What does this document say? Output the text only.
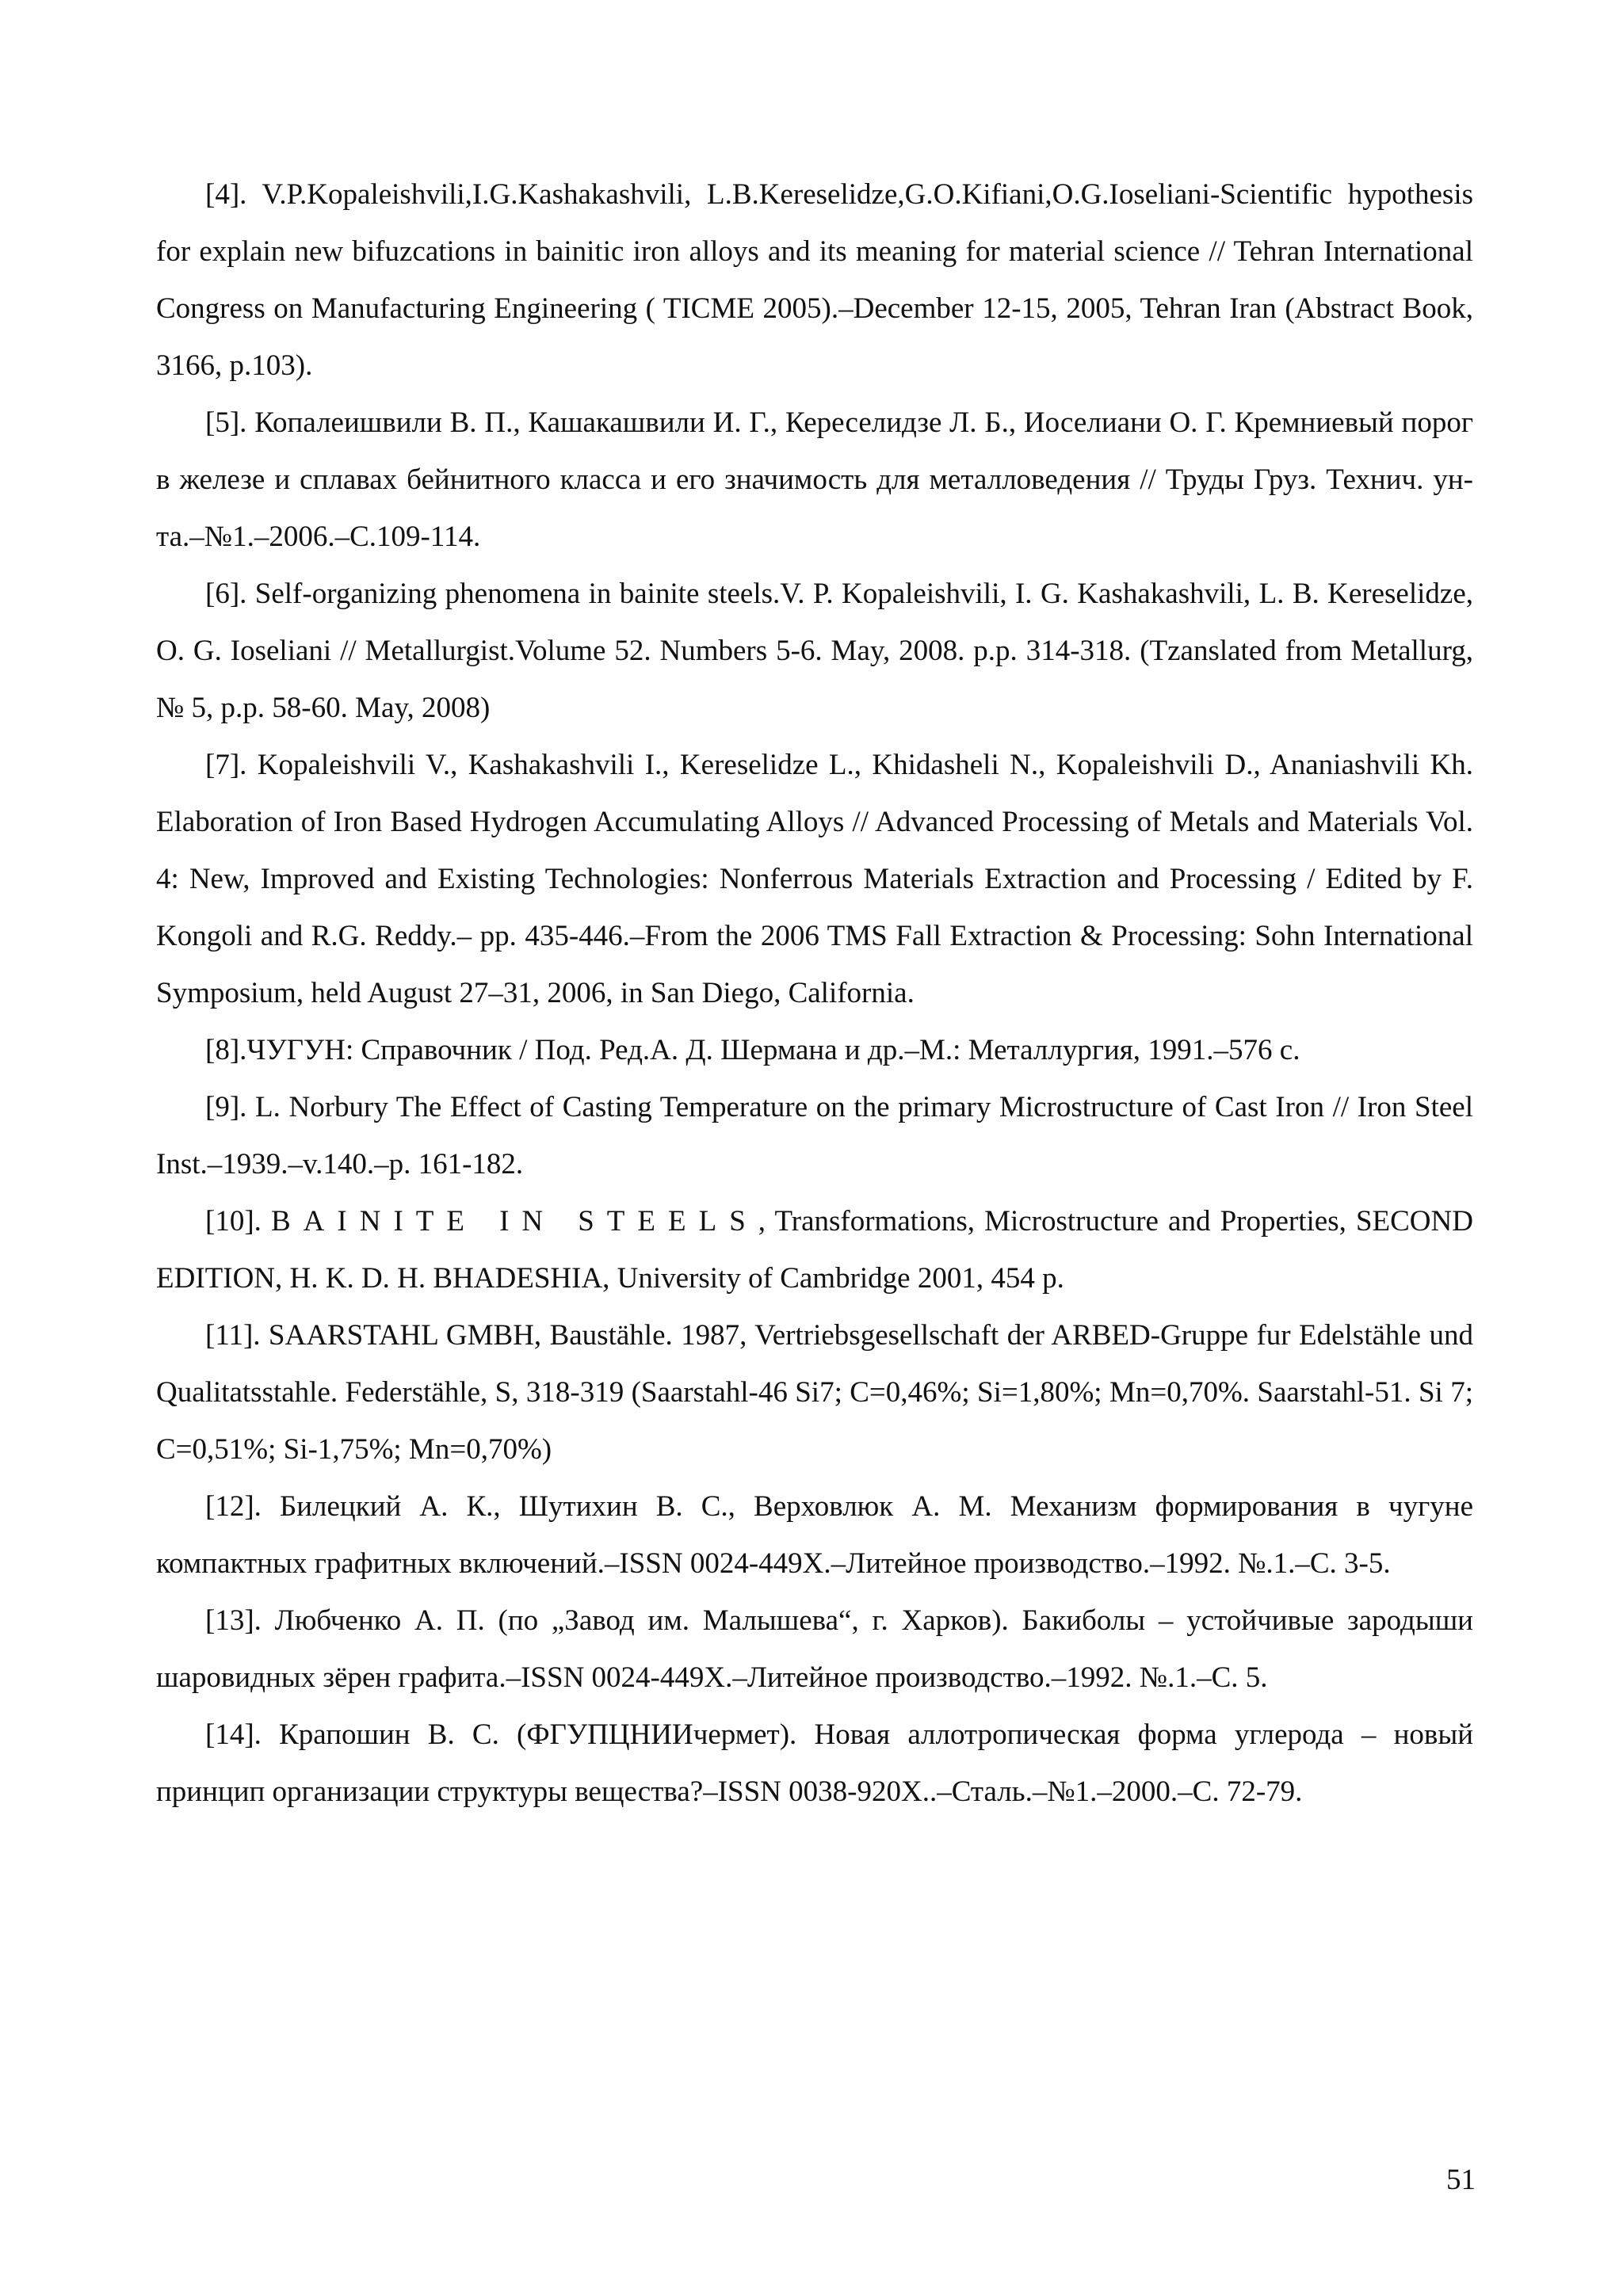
[4]. V.P.Kopaleishvili,I.G.Kashakashvili, L.B.Kereselidze,G.O.Kifiani,O.G.Ioseliani-Scientific hypothesis for explain new bifuzcations in bainitic iron alloys and its meaning for material science // Tehran International Congress on Manufacturing Engineering ( TICME 2005).–December 12-15, 2005, Tehran Iran (Abstract Book, 3166, p.103).

[5]. Копалеишвили В. П., Кашакашвили И. Г., Кереселидзе Л. Б., Иоселиани О. Г. Кремниевый порог в железе и сплавах бейнитного класса и его значимость для металловедения // Труды Груз. Технич. ун-та.–№1.–2006.–С.109-114.

[6]. Self-organizing phenomena in bainite steels.V. P. Kopaleishvili, I. G. Kashakashvili, L. B. Kereselidze, O. G. Ioseliani // Metallurgist.Volume 52. Numbers 5-6. May, 2008. p.p. 314-318. (Tzanslated from Metallurg, № 5, p.p. 58-60. May, 2008)

[7]. Kopaleishvili V., Kashakashvili I., Kereselidze L., Khidasheli N., Kopaleishvili D., Ananiashvili Kh. Elaboration of Iron Based Hydrogen Accumulating Alloys // Advanced Processing of Metals and Materials Vol. 4: New, Improved and Existing Technologies: Nonferrous Materials Extraction and Processing / Edited by F. Kongoli and R.G. Reddy.– pp. 435-446.–From the 2006 TMS Fall Extraction & Processing: Sohn International Symposium, held August 27–31, 2006, in San Diego, California.

[8].ЧУГУН: Справочник / Под. Ред.А. Д. Шермана и др.–М.: Металлургия, 1991.–576 с.

[9]. L. Norbury The Effect of Casting Temperature on the primary Microstructure of Cast Iron // Iron Steel Inst.–1939.–v.140.–p. 161-182.

[10]. BAINITE IN STEELS, Transformations, Microstructure and Properties, SECOND EDITION, H. K. D. H. BHADESHIA, University of Cambridge 2001, 454 p.

[11]. SAARSTAHL GMBH, Baustähle. 1987, Vertriebsgesellschaft der ARBED-Gruppe fur Edelstähle und Qualitatsstahle. Federstähle, S, 318-319 (Saarstahl-46 Si7; C=0,46%; Si=1,80%; Mn=0,70%. Saarstahl-51. Si 7; C=0,51%; Si-1,75%; Mn=0,70%)

[12]. Билецкий А. К., Шутихин В. С., Верховлюк А. М. Механизм формирования в чугуне компактных графитных включений.–ISSN 0024-449X.–Литейное производство.–1992. №.1.–С. 3-5.

[13]. Любченко А. П. (по „Завод им. Малышева“, г. Харков). Бакиболы – устойчивые зародыши шаровидных зёрен графита.–ISSN 0024-449X.–Литейное производство.–1992. №.1.–С. 5.

[14]. Крапошин В. С. (ФГУПЦНИИчермет). Новая аллотропическая форма углерода – новый принцип организации структуры вещества?–ISSN 0038-920X..–Сталь.–№1.–2000.–С. 72-79.

51
